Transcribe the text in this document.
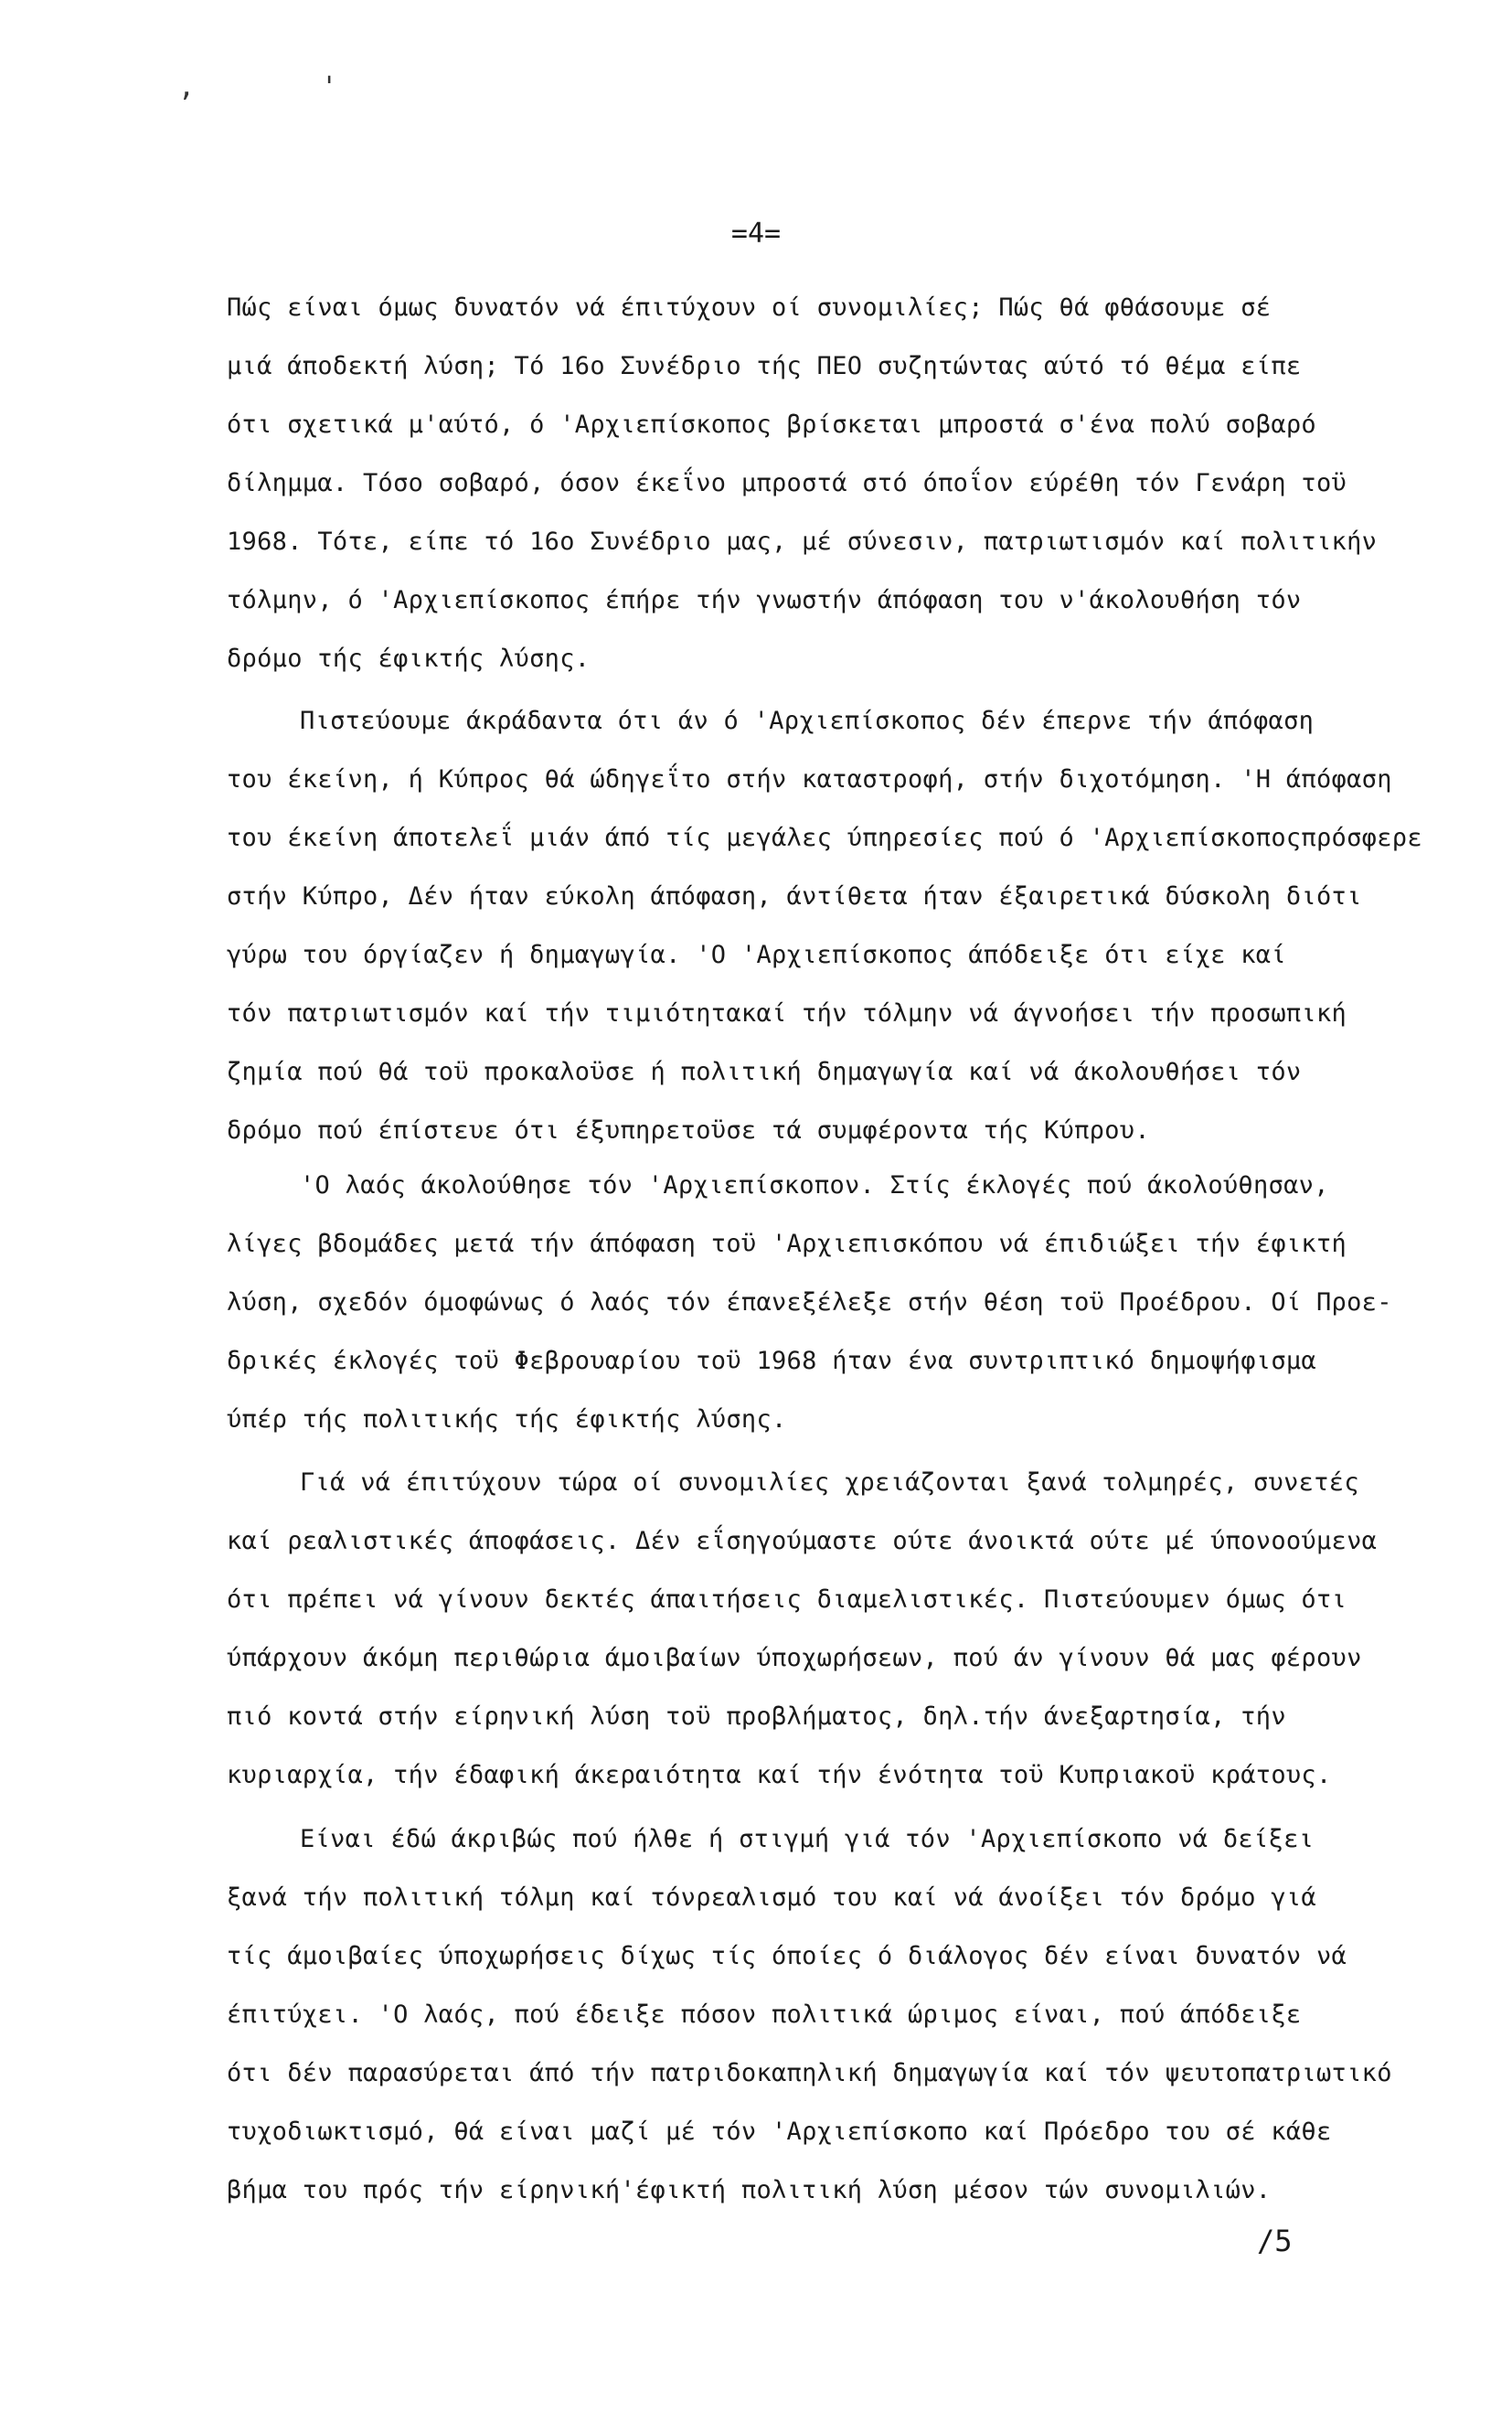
, '
=4=
Πώς είναι όμως δυνατόν νά έπιτύχουν οί συνομιλίες; Πώς θά φθάσουμε σέ
μιά άποδεκτή λύση; Τό 16ο Συνέδριο τής ΠΕΟ συζητώντας αύτό τό θέμα είπε
ότι σχετικά μ'αύτό, ό 'Αρχιεπίσκοπος βρίσκεται μπροστά σ'ένα πολύ σοβαρό
δίλημμα. Τόσο σοβαρό, όσον έκεΐνο μπροστά στό όποΐον εύρέθη τόν Γενάρη τοϋ
1968. Τότε, είπε τό 16ο Συνέδριο μας, μέ σύνεσιν, πατριωτισμόν καί πολιτικήν
τόλμην, ό 'Αρχιεπίσκοπος έπήρε τήν γνωστήν άπόφαση του ν'άκολουθήση τόν
δρόμο τής έφικτής λύσης.
Πιστεύουμε άκράδαντα ότι άν ό 'Αρχιεπίσκοπος δέν έπερνε τήν άπόφαση
του έκείνη, ή Κύπρος θά ώδηγεΐτο στήν καταστροφή, στήν διχοτόμηση. 'Η άπόφαση
του έκείνη άποτελεΐ μιάν άπό τίς μεγάλες ύπηρεσίες πού ό 'Αρχιεπίσκοποςπρόσφερε
στήν Κύπρο, Δέν ήταν εύκολη άπόφαση, άντίθετα ήταν έξαιρετικά δύσκολη διότι
γύρω του όργίαζεν ή δημαγωγία. 'Ο 'Αρχιεπίσκοπος άπόδειξε ότι είχε καί
τόν πατριωτισμόν καί τήν τιμιότητακαί τήν τόλμην νά άγνοήσει τήν προσωπική
ζημία πού θά τοϋ προκαλοϋσε ή πολιτική δημαγωγία καί νά άκολουθήσει τόν
δρόμο πού έπίστευε ότι έξυπηρετοϋσε τά συμφέροντα τής Κύπρου.
'Ο λαός άκολούθησε τόν 'Αρχιεπίσκοπον. Στίς έκλογές πού άκολούθησαν,
λίγες βδομάδες μετά τήν άπόφαση τοϋ 'Αρχιεπισκόπου νά έπιδιώξει τήν έφικτή
λύση, σχεδόν όμοφώνως ό λαός τόν έπανεξέλεξε στήν θέση τοϋ Προέδρου. Οί Προε-
δρικές έκλογές τοϋ Φεβρουαρίου τοϋ 1968 ήταν ένα συντριπτικό δημοψήφισμα
ύπέρ τής πολιτικής τής έφικτής λύσης.
Γιά νά έπιτύχουν τώρα οί συνομιλίες χρειάζονται ξανά τολμηρές, συνετές
καί ρεαλιστικές άποφάσεις. Δέν εΐσηγούμαστε ούτε άνοικτά ούτε μέ ύπονοούμενα
ότι πρέπει νά γίνουν δεκτές άπαιτήσεις διαμελιστικές. Πιστεύουμεν όμως ότι
ύπάρχουν άκόμη περιθώρια άμοιβαίων ύποχωρήσεων, πού άν γίνουν θά μας φέρουν
πιό κοντά στήν είρηνική λύση τοϋ προβλήματος, δηλ.τήν άνεξαρτησία, τήν
κυριαρχία, τήν έδαφική άκεραιότητα καί τήν ένότητα τοϋ Κυπριακοϋ κράτους.
Είναι έδώ άκριβώς πού ήλθε ή στιγμή γιά τόν 'Αρχιεπίσκοπο νά δείξει
ξανά τήν πολιτική τόλμη καί τόνρεαλισμό του καί νά άνοίξει τόν δρόμο γιά
τίς άμοιβαίες ύποχωρήσεις δίχως τίς όποίες ό διάλογος δέν είναι δυνατόν νά
έπιτύχει. 'Ο λαός, πού έδειξε πόσον πολιτικά ώριμος είναι, πού άπόδειξε
ότι δέν παρασύρεται άπό τήν πατριδοκαπηλική δημαγωγία καί τόν ψευτοπατριωτικό
τυχοδιωκτισμό, θά είναι μαζί μέ τόν 'Αρχιεπίσκοπο καί Πρόεδρο του σέ κάθε
βήμα του πρός τήν είρηνική'έφικτή πολιτική λύση μέσον τών συνομιλιών.
/5
